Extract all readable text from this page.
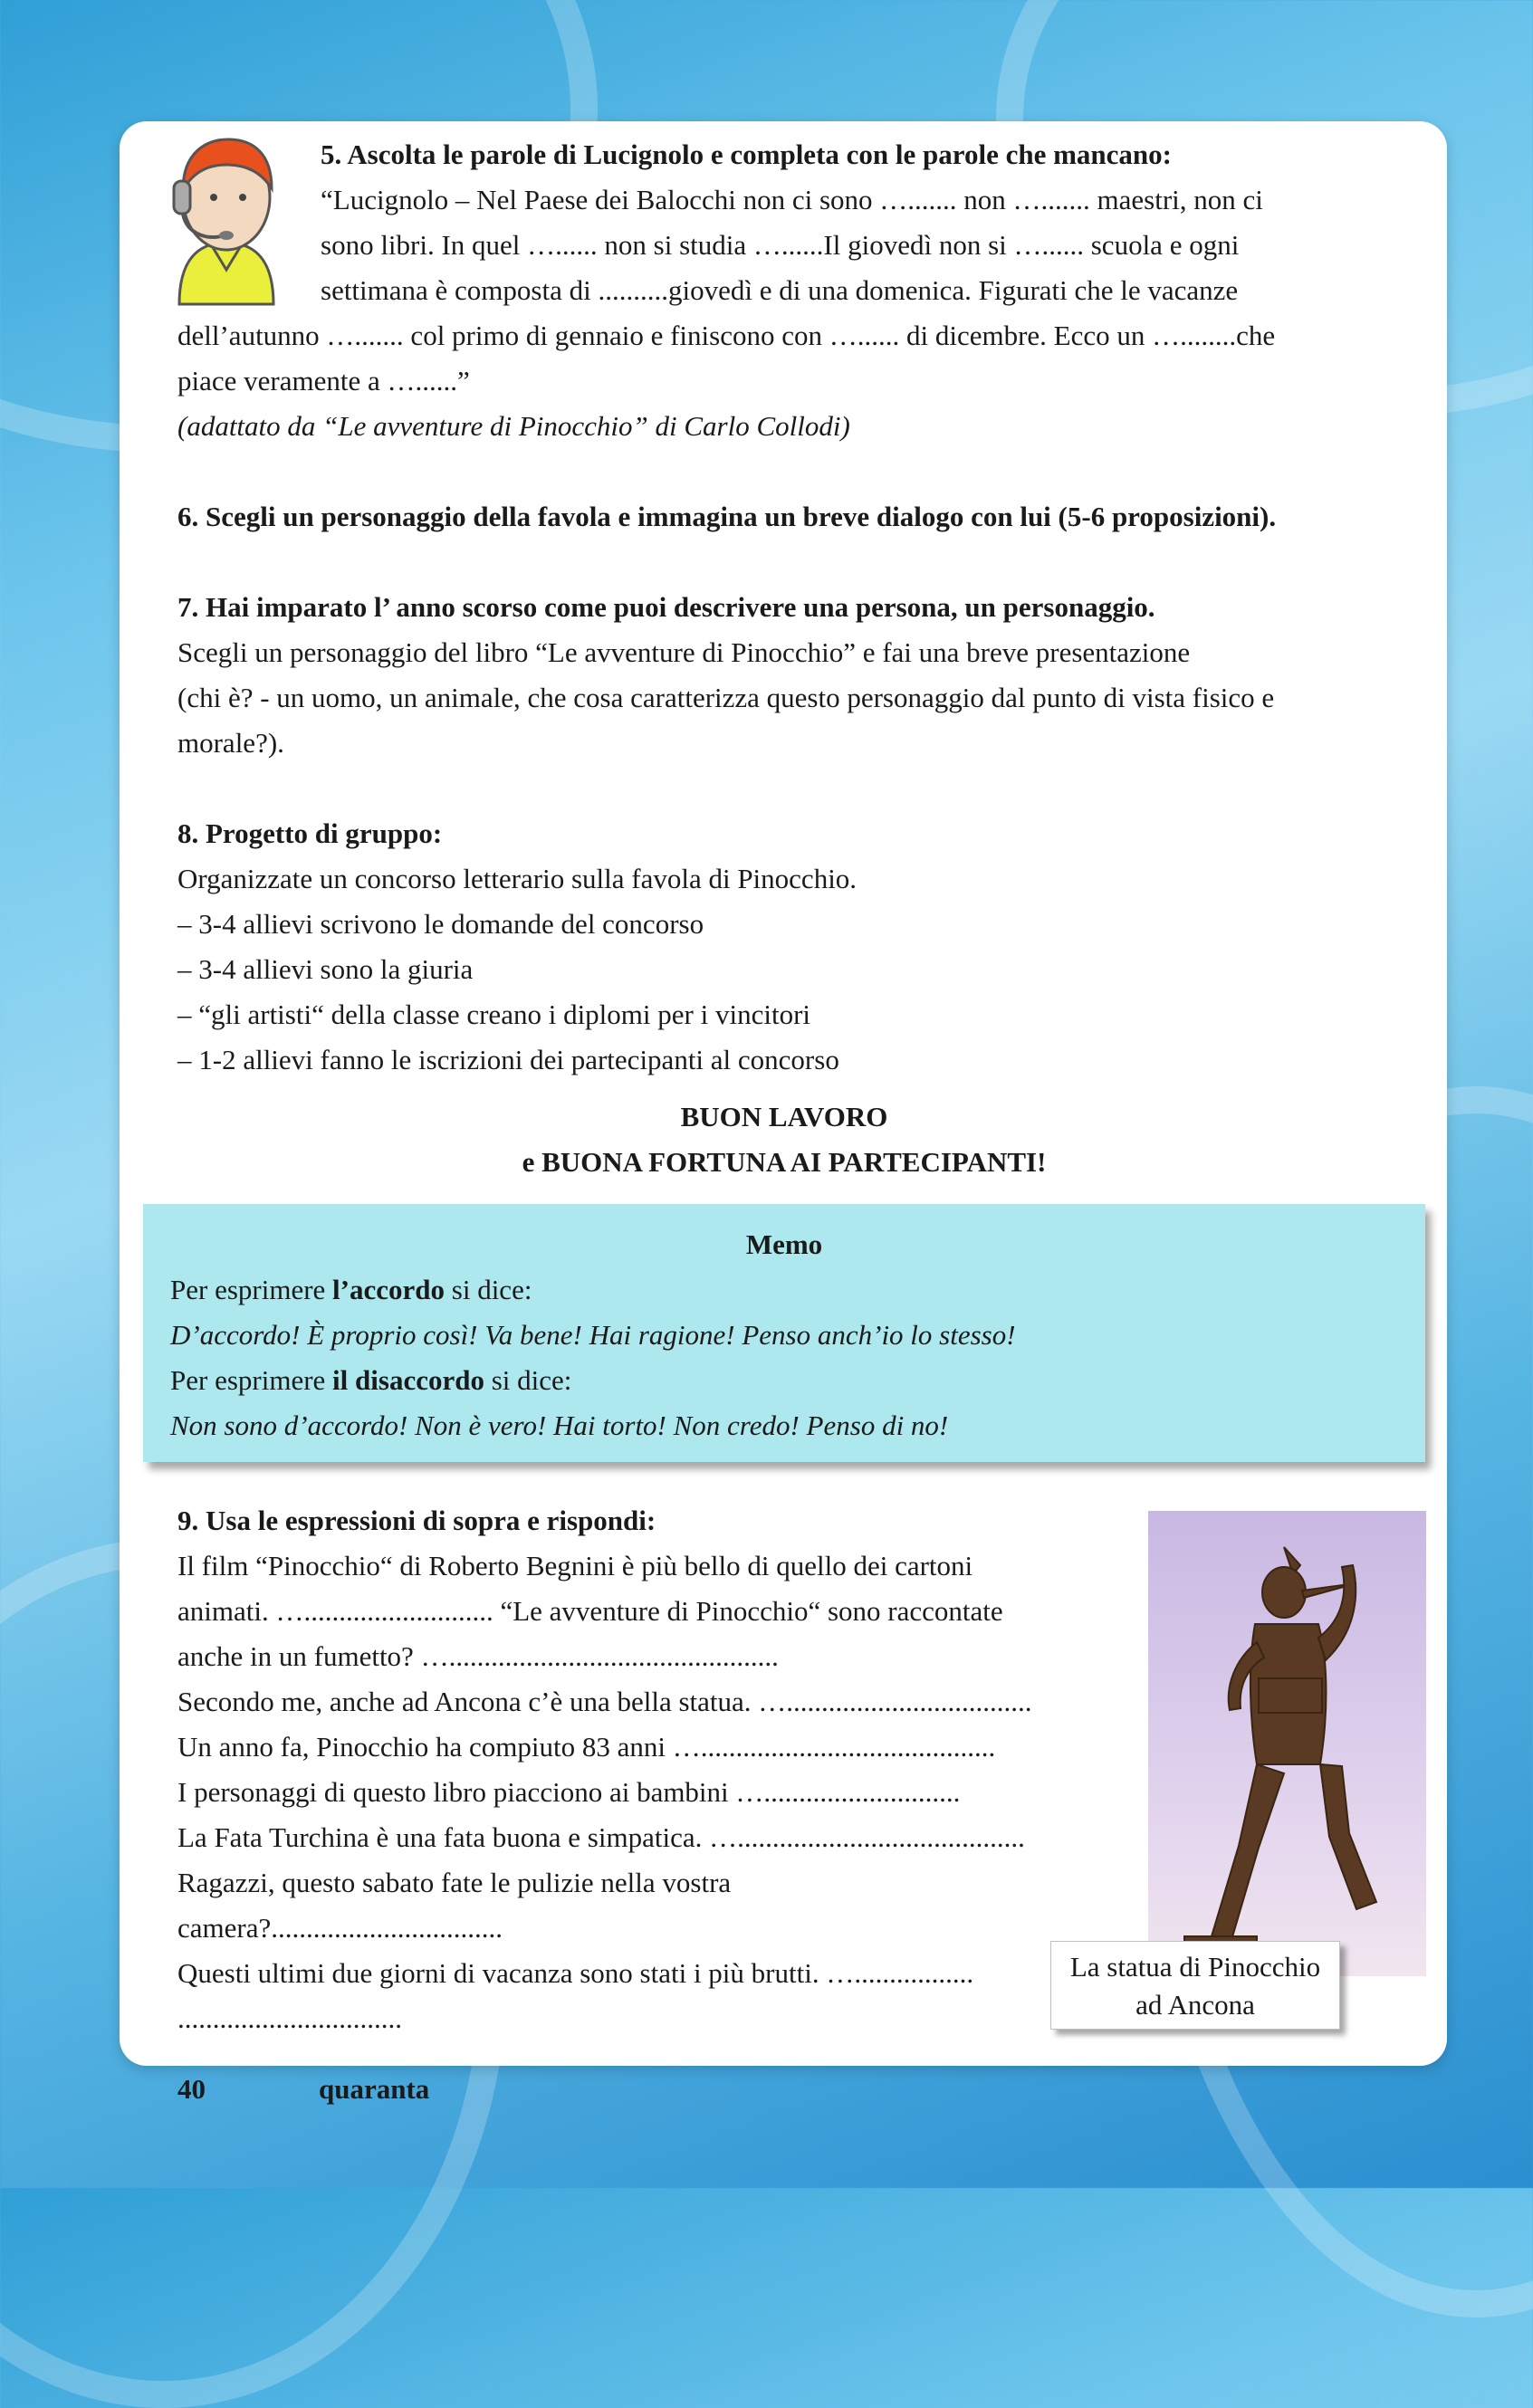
5. Ascolta le parole di Lucignolo e completa con le parole che mancano:
“Lucignolo – Nel Paese dei Balocchi non ci sono …....... non …....... maestri, non ci
sono libri. In quel …...... non si studia …......Il giovedì non si …...... scuola e ogni
settimana è composta di ..........giovedì e di una domenica. Figurati che le vacanze
dell’autunno …....... col primo di gennaio e finiscono con …...... di dicembre. Ecco un …........che
piace veramente a …......”
(adattato da “Le avventure di Pinocchio” di Carlo Collodi)
6. Scegli un personaggio della favola e immagina un breve dialogo con lui (5-6 proposizioni).
7. Hai imparato l’ anno scorso come puoi descrivere una persona, un personaggio.
Scegli un personaggio del libro “Le avventure di Pinocchio” e fai una breve presentazione
(chi è? - un uomo, un animale, che cosa caratterizza questo personaggio dal punto di vista fisico e
morale?).
8. Progetto di gruppo:
Organizzate un concorso letterario sulla favola di Pinocchio.
– 3-4 allievi scrivono le domande del concorso
– 3-4 allievi sono la giuria
– “gli artisti“ della classe creano i diplomi per i vincitori
– 1-2 allievi fanno le iscrizioni dei partecipanti al concorso
BUON LAVORO
e BUONA FORTUNA AI PARTECIPANTI!
Memo
Per esprimere l’accordo si dice:
D’accordo! È proprio così! Va bene! Hai ragione! Penso anch’io lo stesso!
Per esprimere il disaccordo si dice:
Non sono d’accordo! Non è vero! Hai torto! Non credo! Penso di no!
9. Usa le espressioni di sopra e rispondi:
Il film “Pinocchio“ di Roberto Begnini è più bello di quello dei cartoni
animati. …........................... “Le avventure di Pinocchio“ sono raccontate
anche in un fumetto? …...............................................
Secondo me, anche ad Ancona c’è una bella statua. …...................................
Un anno fa, Pinocchio ha compiuto 83 anni …..........................................
I personaggi di questo libro piacciono ai bambini …............................
La Fata Turchina è una fata buona e simpatica. ….........................................
Ragazzi, questo sabato fate le pulizie nella vostra
camera?.................................
Questi ultimi due giorni di vacanza sono stati i più brutti. ….................
................................
La statua di Pinocchio
ad Ancona
40	quaranta
